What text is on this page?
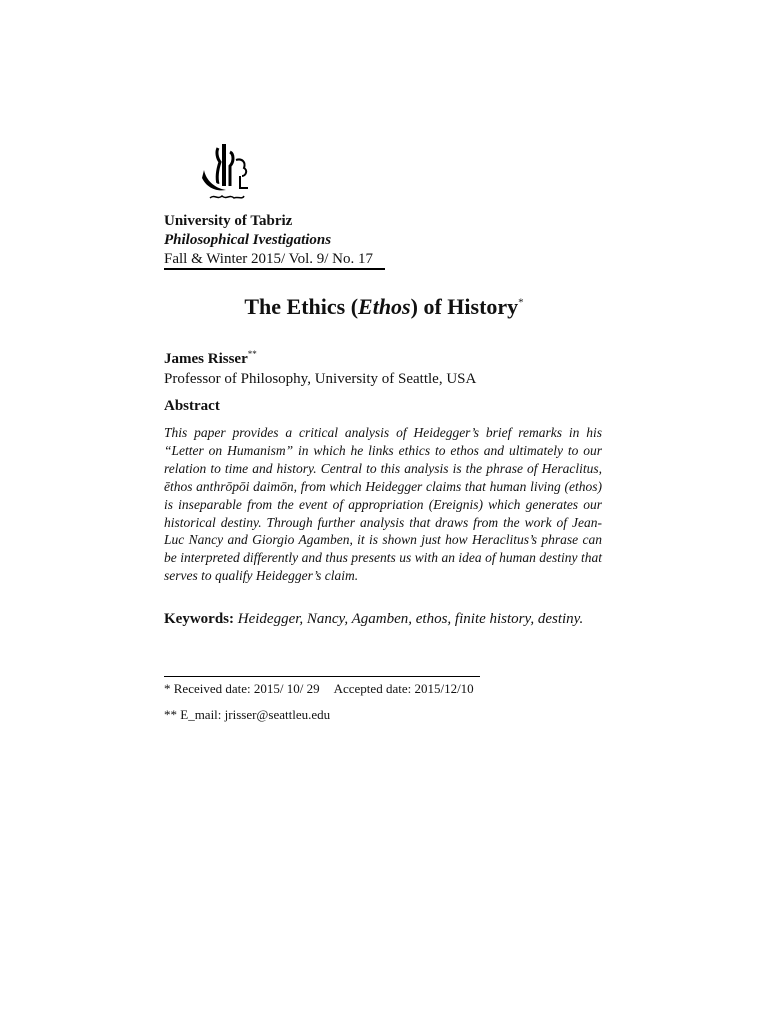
University of Tabriz
Philosophical Ivestigations
Fall & Winter 2015/ Vol. 9/ No. 17
The Ethics (Ethos) of History*
James Risser**
Professor of Philosophy, University of Seattle, USA
Abstract
This paper provides a critical analysis of Heidegger’s brief remarks in his “Letter on Humanism” in which he links ethics to ethos and ultimately to our relation to time and history. Central to this analysis is the phrase of Heraclitus, ēthos anthrōpōi daimōn, from which Heidegger claims that human living (ethos) is inseparable from the event of appropriation (Ereignis) which generates our historical destiny. Through further analysis that draws from the work of Jean-Luc Nancy and Giorgio Agamben, it is shown just how Heraclitus’s phrase can be interpreted differently and thus presents us with an idea of human destiny that serves to qualify Heidegger’s claim.
Keywords: Heidegger, Nancy, Agamben, ethos, finite history, destiny.
* Received date: 2015/ 10/ 29 Accepted date: 2015/12/10
** E_mail: jrisser@seattleu.edu
